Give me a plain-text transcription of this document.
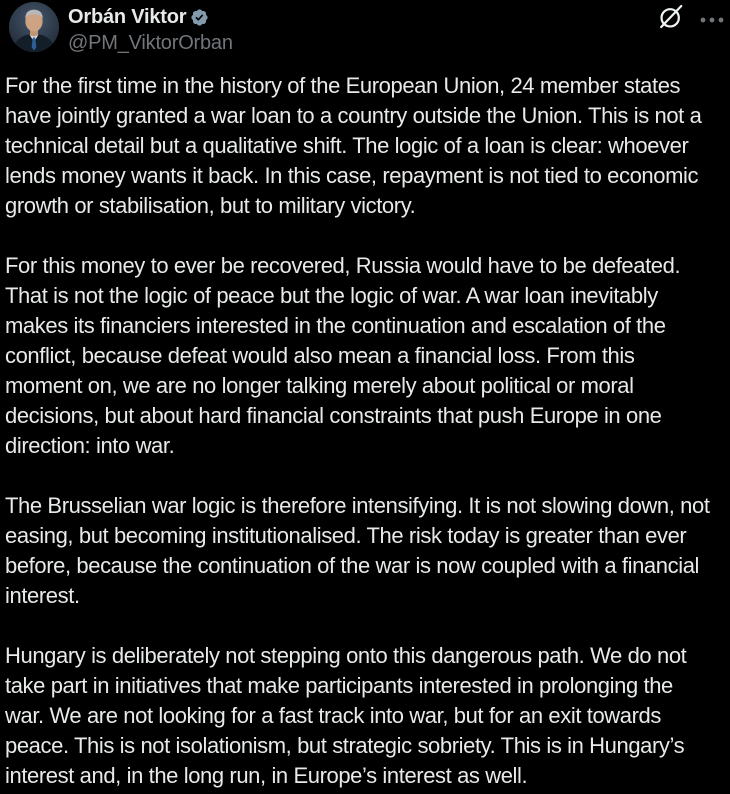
Orbán Viktor
@PM_ViktorOrban

For the first time in the history of the European Union, 24 member states have jointly granted a war loan to a country outside the Union. This is not a technical detail but a qualitative shift. The logic of a loan is clear: whoever lends money wants it back. In this case, repayment is not tied to economic growth or stabilisation, but to military victory.

For this money to ever be recovered, Russia would have to be defeated. That is not the logic of peace but the logic of war. A war loan inevitably makes its financiers interested in the continuation and escalation of the conflict, because defeat would also mean a financial loss. From this moment on, we are no longer talking merely about political or moral decisions, but about hard financial constraints that push Europe in one direction: into war.

The Brusselian war logic is therefore intensifying. It is not slowing down, not easing, but becoming institutionalised. The risk today is greater than ever before, because the continuation of the war is now coupled with a financial interest.

Hungary is deliberately not stepping onto this dangerous path. We do not take part in initiatives that make participants interested in prolonging the war. We are not looking for a fast track into war, but for an exit towards peace. This is not isolationism, but strategic sobriety. This is in Hungary’s interest and, in the long run, in Europe’s interest as well.
